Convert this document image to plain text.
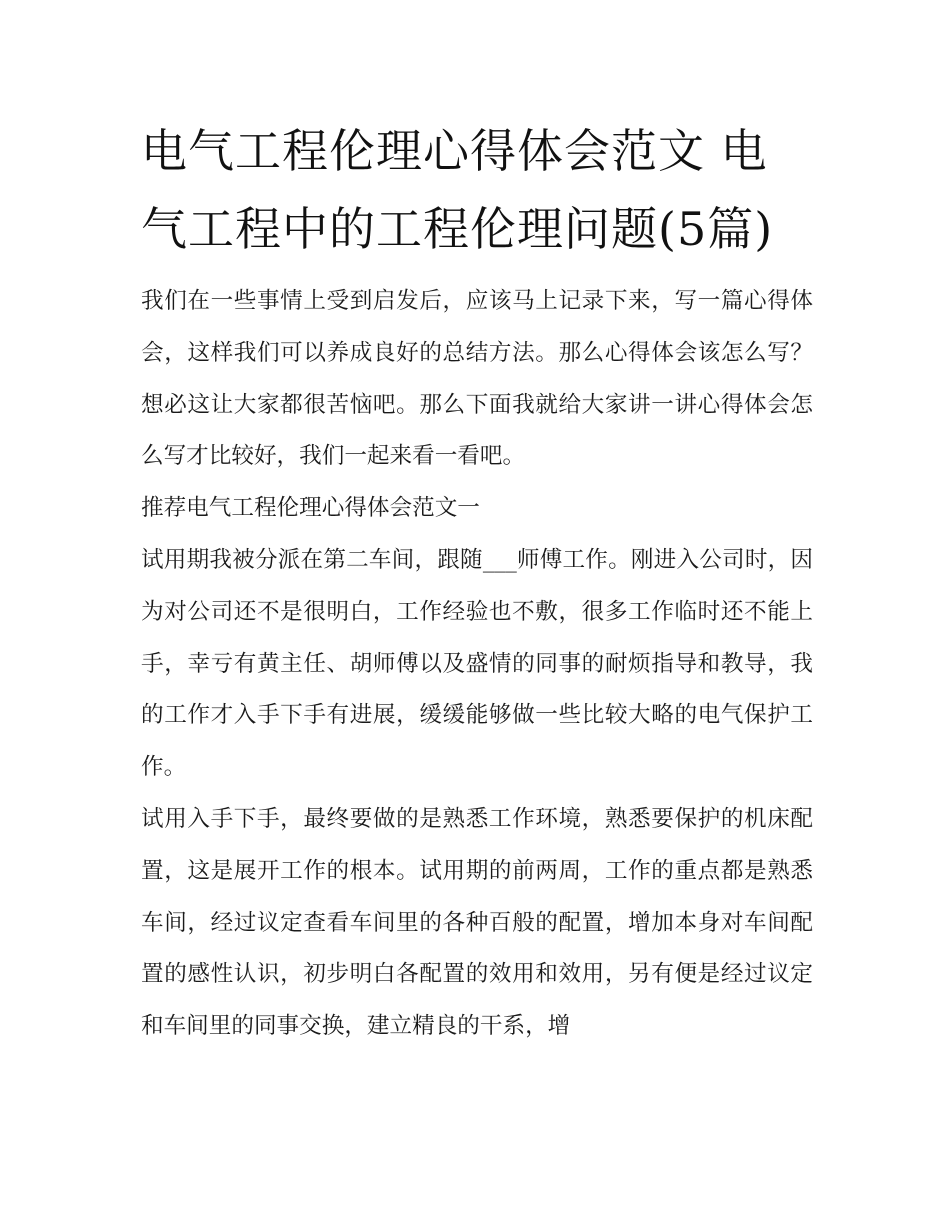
电气工程伦理心得体会范文 电气工程中的工程伦理问题(5篇)

我们在一些事情上受到启发后，应该马上记录下来，写一篇心得体会，这样我们可以养成良好的总结方法。那么心得体会该怎么写？想必这让大家都很苦恼吧。那么下面我就给大家讲一讲心得体会怎么写才比较好，我们一起来看一看吧。

推荐电气工程伦理心得体会范文一

试用期我被分派在第二车间，跟随___师傅工作。刚进入公司时，因为对公司还不是很明白，工作经验也不敷，很多工作临时还不能上手，幸亏有黄主任、胡师傅以及盛情的同事的耐烦指导和教导，我的工作才入手下手有进展，缓缓能够做一些比较大略的电气保护工作。

试用入手下手，最终要做的是熟悉工作环境，熟悉要保护的机床配置，这是展开工作的根本。试用期的前两周，工作的重点都是熟悉车间，经过议定查看车间里的各种百般的配置，增加本身对车间配置的感性认识，初步明白各配置的效用和效用，另有便是经过议定和车间里的同事交换，建立精良的干系，增
